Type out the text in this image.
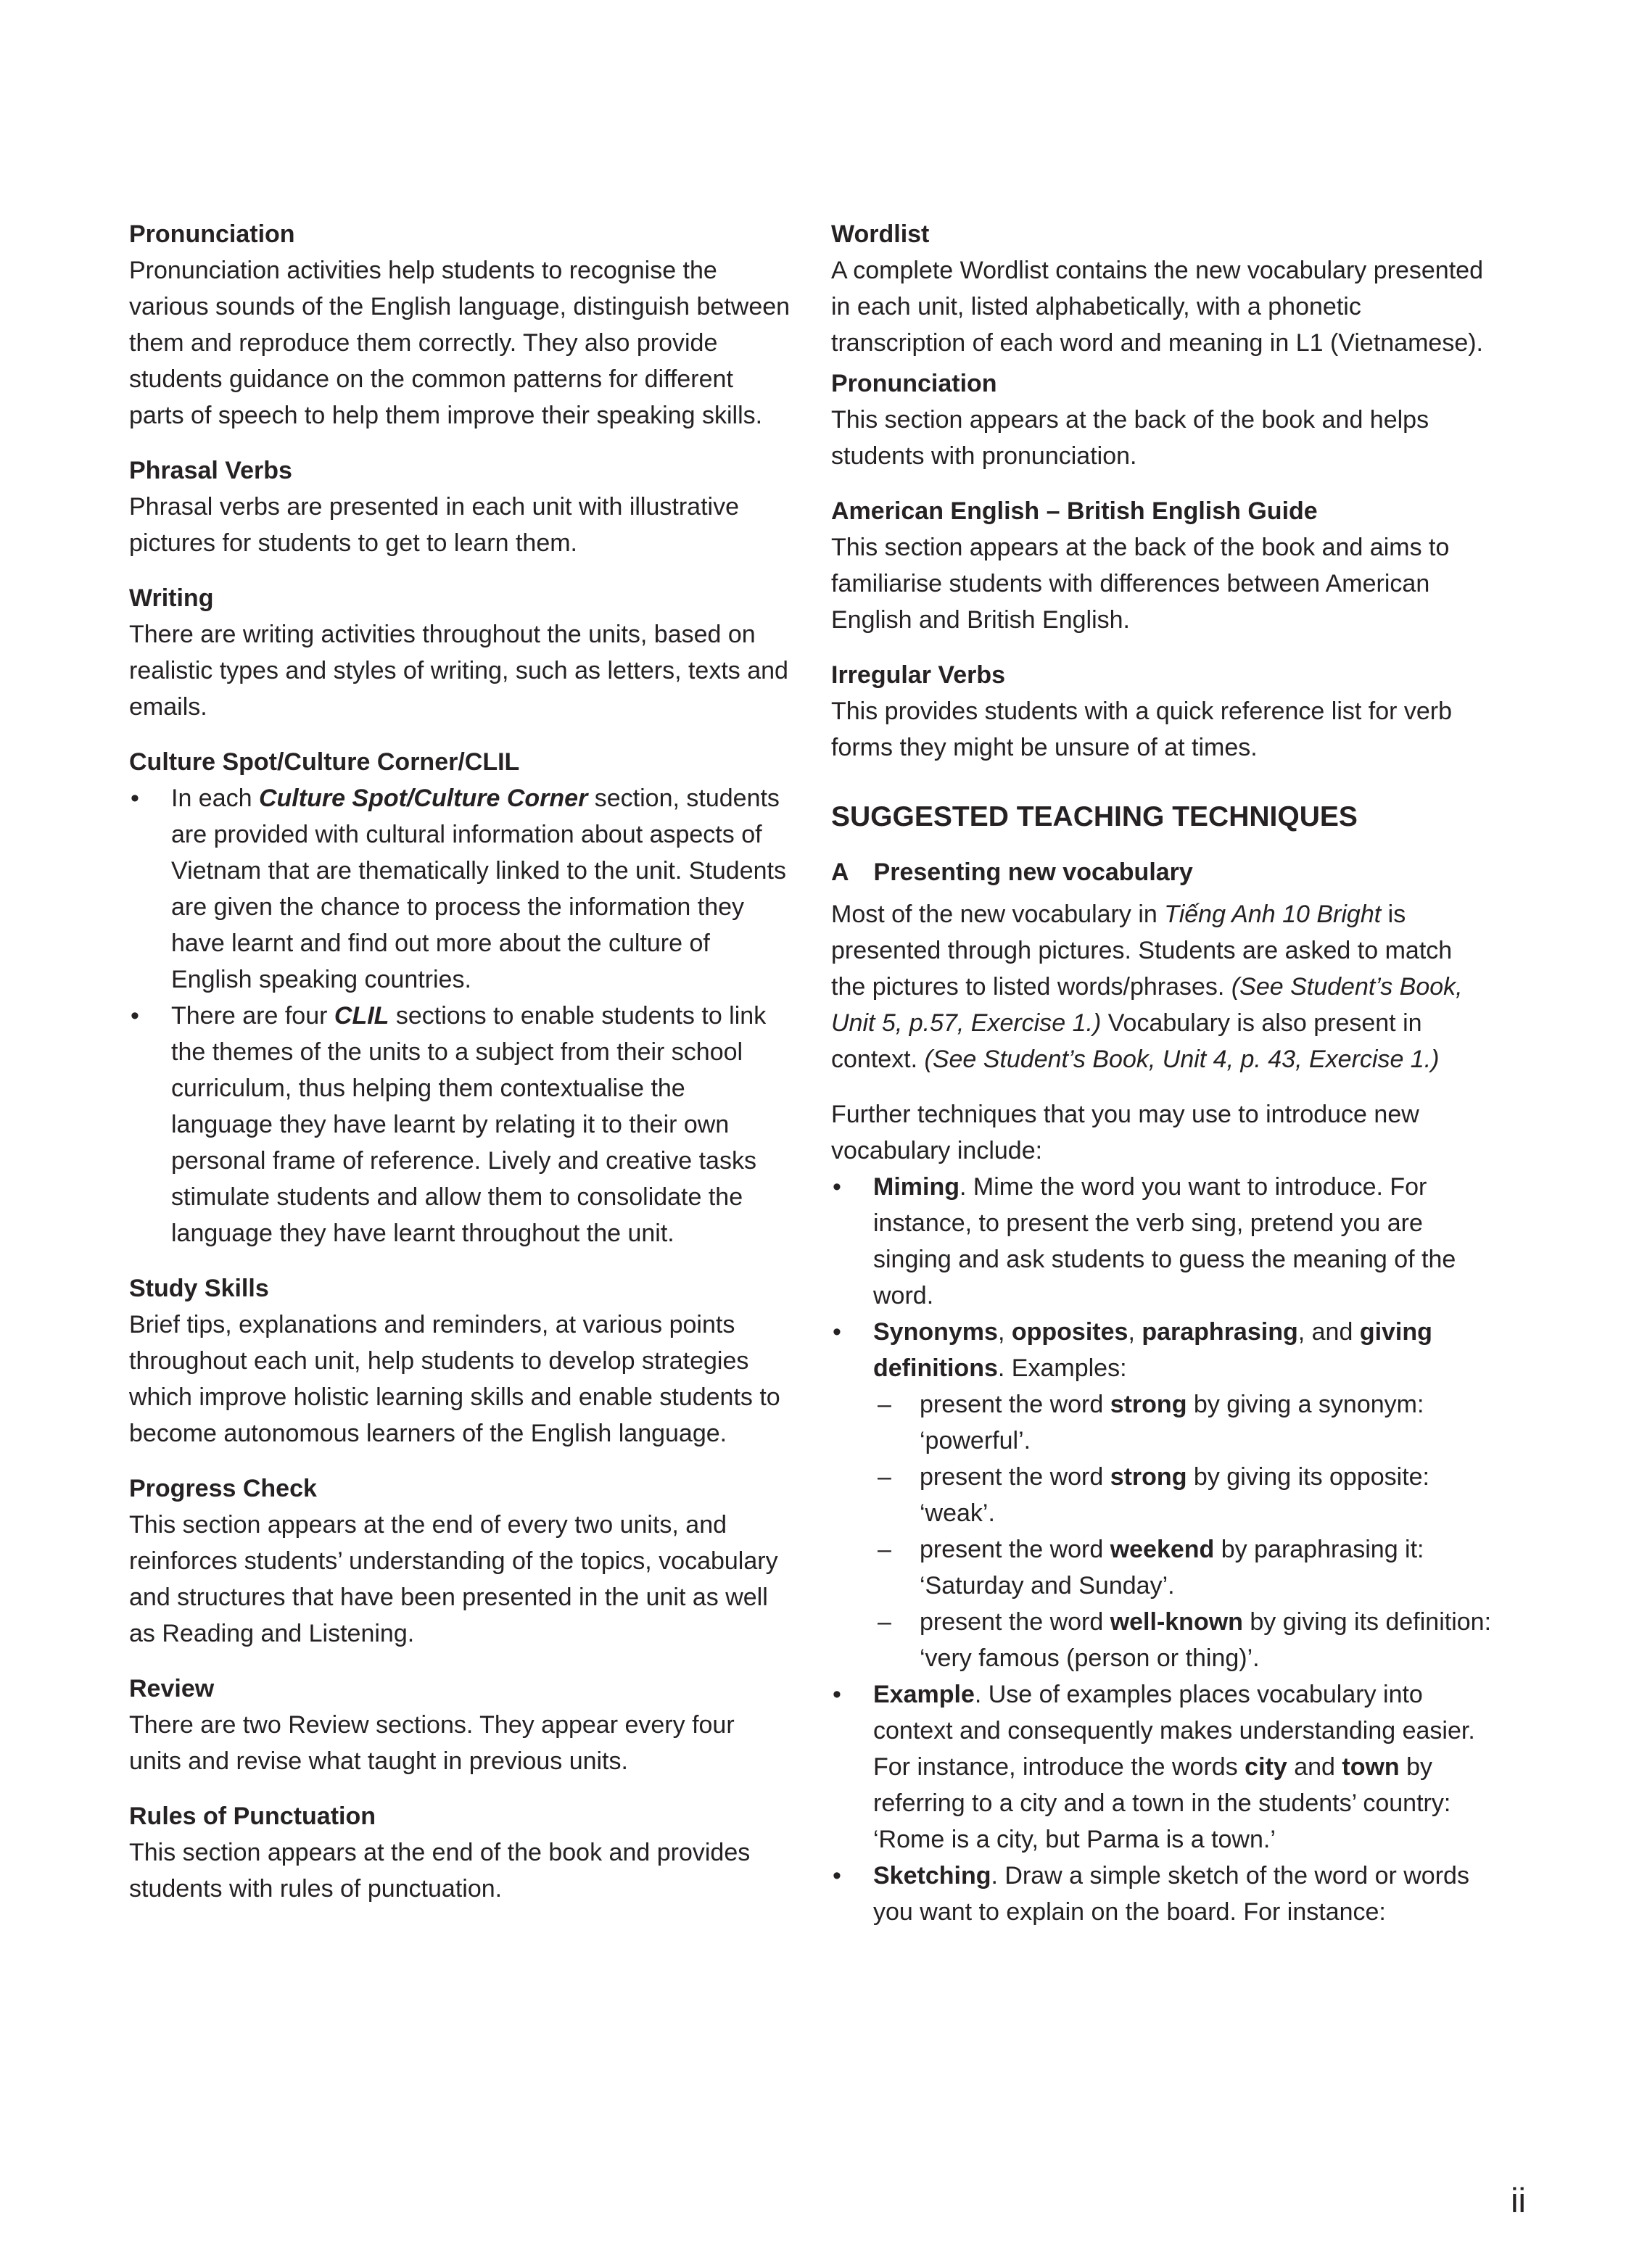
Pronunciation

Pronunciation activities help students to recognise the various sounds of the English language, distinguish between them and reproduce them correctly. They also provide students guidance on the common patterns for different parts of speech to help them improve their speaking skills.

Phrasal Verbs

Phrasal verbs are presented in each unit with illustrative pictures for students to get to learn them.

Writing

There are writing activities throughout the units, based on realistic types and styles of writing, such as letters, texts and emails.

Culture Spot/Culture Corner/CLIL
• In each Culture Spot/Culture Corner section, students are provided with cultural information about aspects of Vietnam that are thematically linked to the unit. Students are given the chance to process the information they have learnt and find out more about the culture of English speaking countries.
• There are four CLIL sections to enable students to link the themes of the units to a subject from their school curriculum, thus helping them contextualise the language they have learnt by relating it to their own personal frame of reference. Lively and creative tasks stimulate students and allow them to consolidate the language they have learnt throughout the unit.
Study Skills

Brief tips, explanations and reminders, at various points throughout each unit, help students to develop strategies which improve holistic learning skills and enable students to become autonomous learners of the English language.

Progress Check

This section appears at the end of every two units, and reinforces students’ understanding of the topics, vocabulary and structures that have been presented in the unit as well as Reading and Listening.

Review

There are two Review sections. They appear every four units and revise what taught in previous units.

Rules of Punctuation

This section appears at the end of the book and provides students with rules of punctuation.

Wordlist

A complete Wordlist contains the new vocabulary presented in each unit, listed alphabetically, with a phonetic transcription of each word and meaning in L1 (Vietnamese).

Pronunciation

This section appears at the back of the book and helps students with pronunciation.

American English – British English Guide

This section appears at the back of the book and aims to familiarise students with differences between American English and British English.

Irregular Verbs

This provides students with a quick reference list for verb forms they might be unsure of at times.

SUGGESTED TEACHING TECHNIQUES
A Presenting new vocabulary

Most of the new vocabulary in Tiếng Anh 10 Bright is presented through pictures. Students are asked to match the pictures to listed words/phrases. (See Student’s Book, Unit 5, p.57, Exercise 1.) Vocabulary is also present in context. (See Student’s Book, Unit 4, p. 43, Exercise 1.)

Further techniques that you may use to introduce new vocabulary include:

• Miming. Mime the word you want to introduce. For instance, to present the verb sing, pretend you are singing and ask students to guess the meaning of the word.
• Synonyms, opposites, paraphrasing, and giving definitions. Examples:
– present the word strong by giving a synonym: ‘powerful’.
– present the word strong by giving its opposite: ‘weak’.
– present the word weekend by paraphrasing it: ‘Saturday and Sunday’.
– present the word well-known by giving its definition: ‘very famous (person or thing)’.
• Example. Use of examples places vocabulary into context and consequently makes understanding easier. For instance, introduce the words city and town by referring to a city and a town in the students’ country: ‘Rome is a city, but Parma is a town.’
• Sketching. Draw a simple sketch of the word or words you want to explain on the board. For instance:
ii
